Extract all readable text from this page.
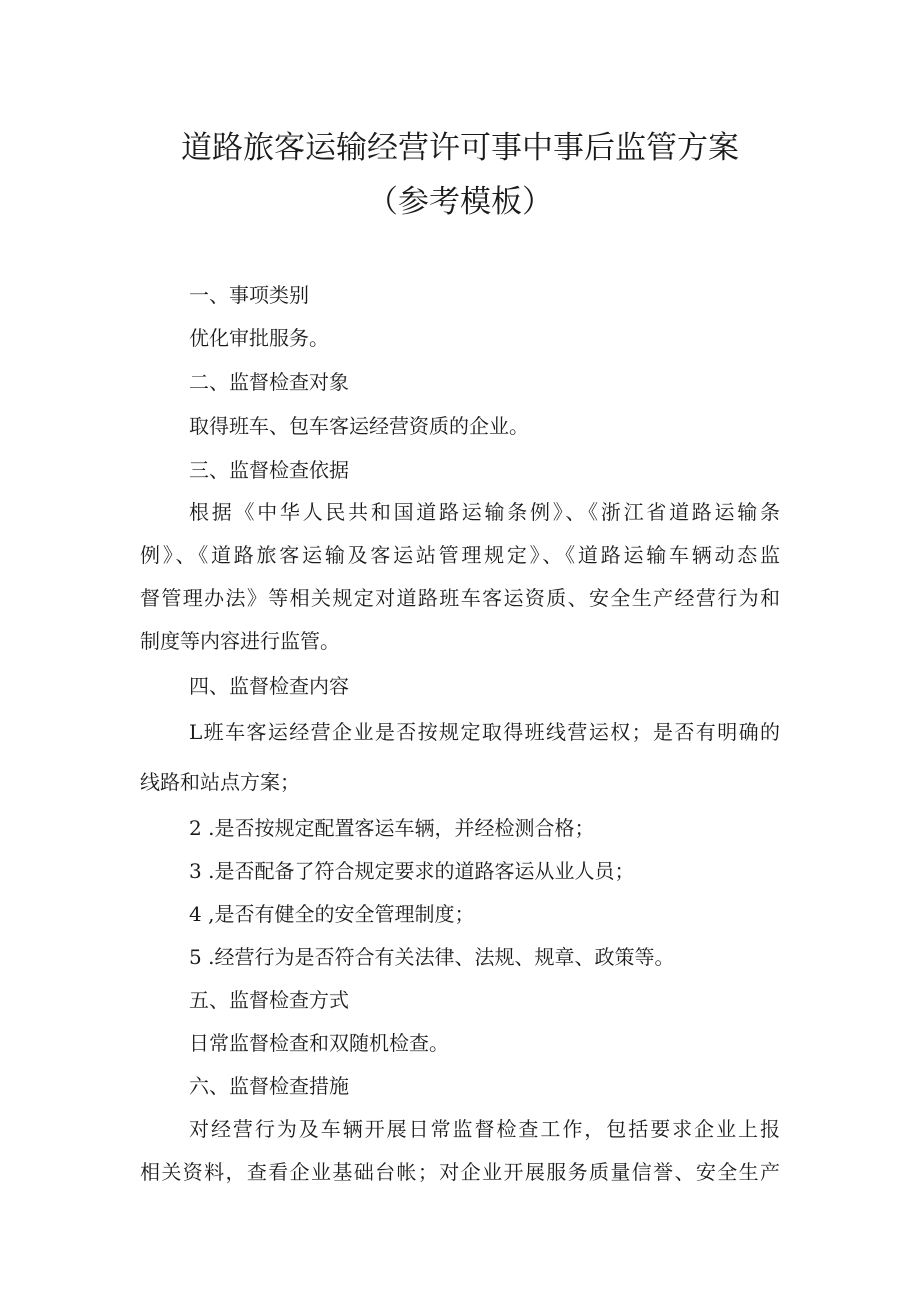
道路旅客运输经营许可事中事后监管方案
（参考模板）

一、事项类别

优化审批服务。

二、监督检查对象

取得班车、包车客运经营资质的企业。

三、监督检查依据

根据《中华人民共和国道路运输条例》、《浙江省道路运输条

例》、《道路旅客运输及客运站管理规定》、《道路运输车辆动态监

督管理办法》等相关规定对道路班车客运资质、安全生产经营行为和

制度等内容进行监管。

四、监督检查内容

L班车客运经营企业是否按规定取得班线营运权；是否有明确的

线路和站点方案；

2 .是否按规定配置客运车辆，并经检测合格；

3 .是否配备了符合规定要求的道路客运从业人员；

4 ,是否有健全的安全管理制度；

5 .经营行为是否符合有关法律、法规、规章、政策等。

五、监督检查方式

日常监督检查和双随机检查。

六、监督检查措施

对经营行为及车辆开展日常监督检查工作，包括要求企业上报

相关资料，查看企业基础台帐；对企业开展服务质量信誉、安全生产
